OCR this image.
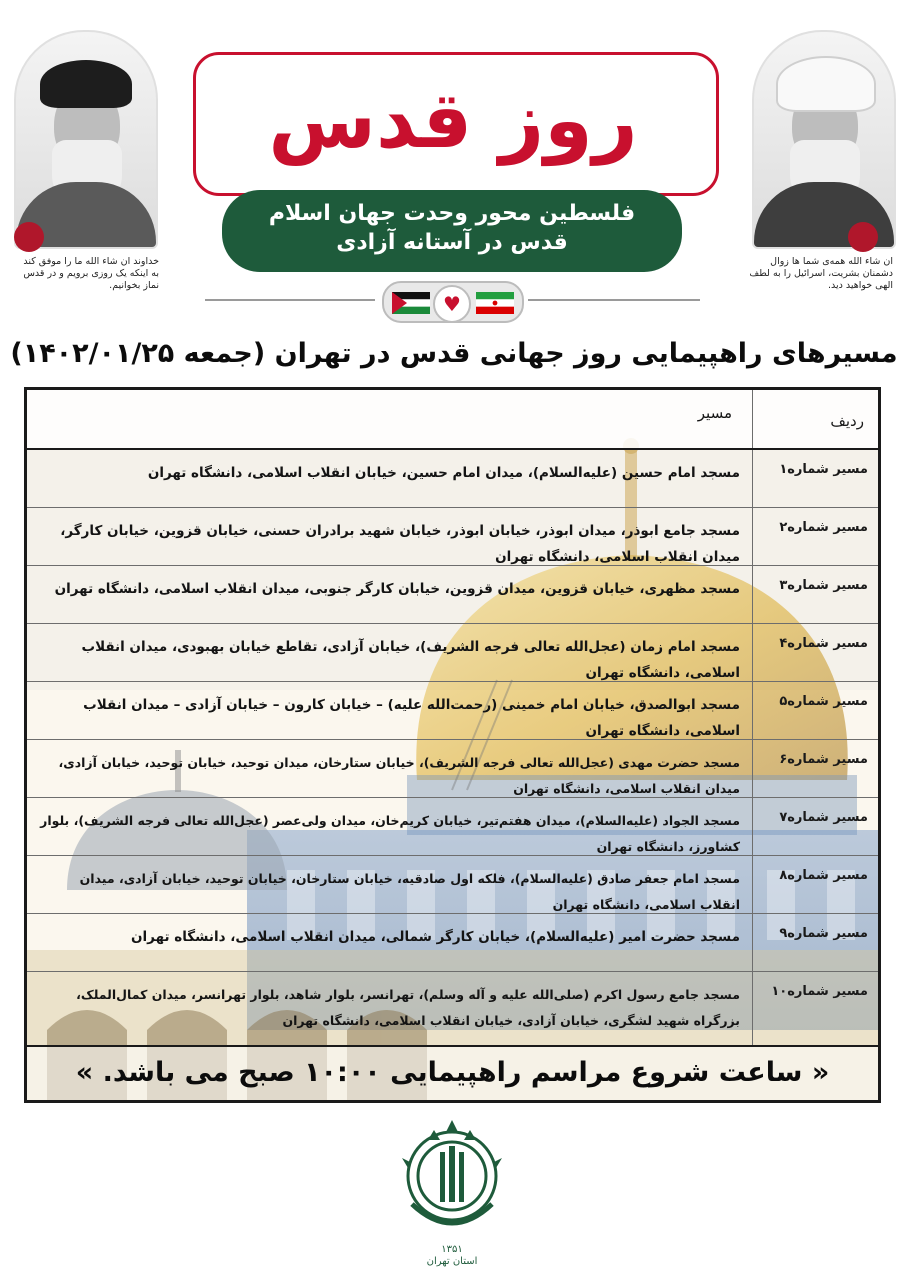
خداوند ان شاء الله ما را موفق کند به اینکه یک روزی برویم و در قدس نماز بخوانیم.
ان شاء الله همه‌ی شما ها زوال دشمنان بشریت، اسرائیل را به لطف الهی خواهید دید.
روز قدس
فلسطین محور وحدت جهان اسلام
قدس در آستانه آزادی
♥
مسیرهای راهپیمایی روز جهانی قدس در تهران (جمعه ۱۴۰۲/۰۱/۲۵)
ردیف
مسیر
مسیر شماره۱
مسجد امام حسین (علیه‌السلام)، میدان امام حسین، خیابان انقلاب اسلامی، دانشگاه تهران
مسیر شماره۲
مسجد جامع ابوذر، میدان ابوذر، خیابان ابوذر، خیابان شهید برادران حسنی، خیابان قزوین، خیابان کارگر، میدان انقلاب اسلامی، دانشگاه تهران
مسیر شماره۳
مسجد مظهری، خیابان قزوین، میدان قزوین، خیابان کارگر جنوبی، میدان انقلاب اسلامی، دانشگاه تهران
مسیر شماره۴
مسجد امام زمان (عجل‌الله تعالی فرجه الشریف)، خیابان آزادی، تقاطع خیابان بهبودی، میدان انقلاب اسلامی، دانشگاه تهران
مسیر شماره۵
مسجد ابوالصدق، خیابان امام خمینی (رحمت‌الله علیه) – خیابان کارون – خیابان آزادی – میدان انقلاب اسلامی، دانشگاه تهران
مسیر شماره۶
مسجد حضرت مهدی (عجل‌الله تعالی فرجه الشریف)، خیابان ستارخان، میدان توحید، خیابان توحید، خیابان آزادی، میدان انقلاب اسلامی، دانشگاه تهران
مسیر شماره۷
مسجد الجواد (علیه‌السلام)، میدان هفتم‌تیر، خیابان کریم‌خان، میدان ولی‌عصر (عجل‌الله تعالی فرجه الشریف)، بلوار کشاورز، دانشگاه تهران
مسیر شماره۸
مسجد امام جعفر صادق (علیه‌السلام)، فلکه اول صادقیه، خیابان ستارخان، خیابان توحید، خیابان آزادی، میدان انقلاب اسلامی، دانشگاه تهران
مسیر شماره۹
مسجد حضرت امیر (علیه‌السلام)، خیابان کارگر شمالی، میدان انقلاب اسلامی، دانشگاه تهران
مسیر شماره۱۰
مسجد جامع رسول اکرم (صلی‌الله علیه و آله وسلم)، تهرانسر، بلوار شاهد، بلوار تهرانسر، میدان کمال‌الملک، بزرگراه شهید لشگری، خیابان آزادی، خیابان انقلاب اسلامی، دانشگاه تهران
« ساعت شروع مراسم راهپیمایی ۱۰:۰۰ صبح می باشد. »
۱۳۵۱
استان تهران
